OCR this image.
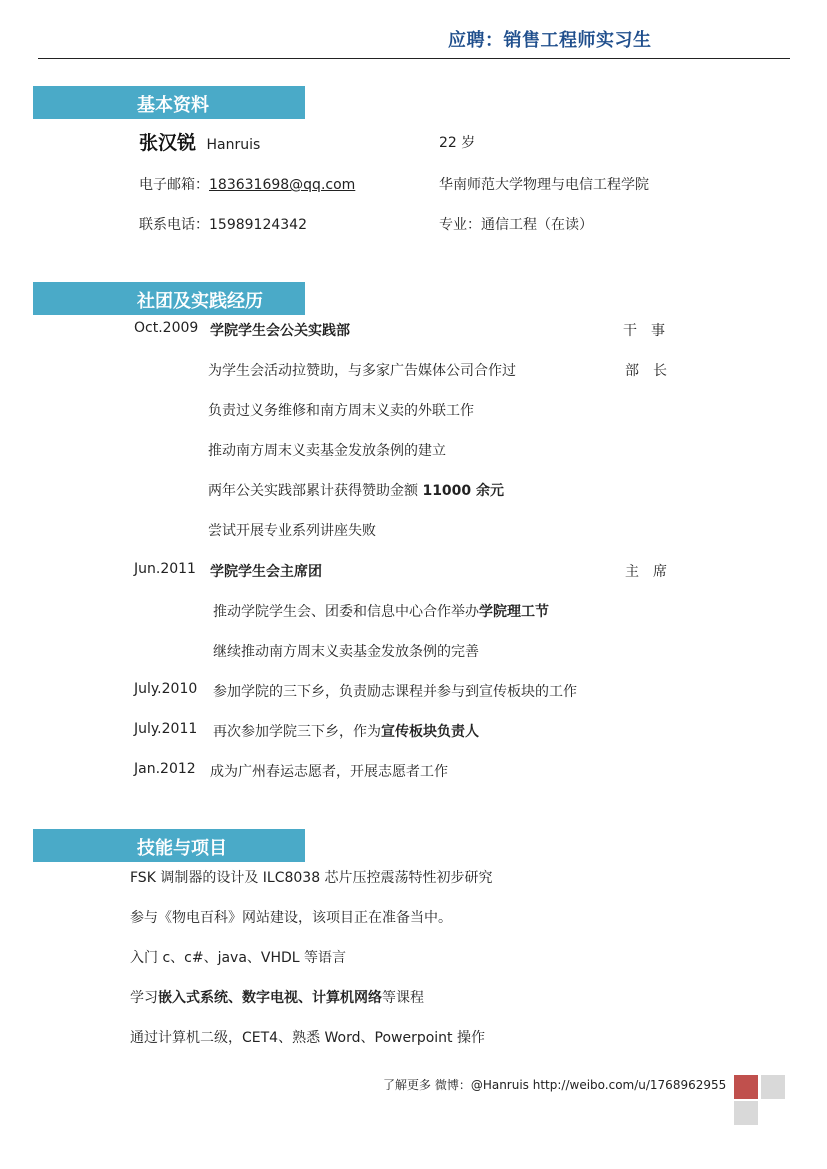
应聘：销售工程师实习生
基本资料
张汉锐 Hanruis	22 岁
电子邮箱：183631698@qq.com	华南师范大学物理与电信工程学院
联系电话：15989124342	专业：通信工程（在读）
社团及实践经历
Oct.2009 学院学生会公关实践部	干　事
为学生会活动拉赞助，与多家广告媒体公司合作过	部　长
负责过义务维修和南方周末义卖的外联工作
推动南方周末义卖基金发放条例的建立
两年公关实践部累计获得赞助金额 11000 余元
尝试开展专业系列讲座失败
Jun.2011 学院学生会主席团	主　席
推动学院学生会、团委和信息中心合作举办学院理工节
继续推动南方周末义卖基金发放条例的完善
July.2010 参加学院的三下乡，负责励志课程并参与到宣传板块的工作
July.2011 再次参加学院三下乡，作为宣传板块负责人
Jan.2012 成为广州春运志愿者，开展志愿者工作
技能与项目
FSK 调制器的设计及 ILC8038 芯片压控震荡特性初步研究
参与《物电百科》网站建设，该项目正在准备当中。
入门 c、c#、java、VHDL 等语言
学习嵌入式系统、数字电视、计算机网络等课程
通过计算机二级，CET4、熟悉 Word、Powerpoint 操作
了解更多 微博：@Hanruis http://weibo.com/u/1768962955
